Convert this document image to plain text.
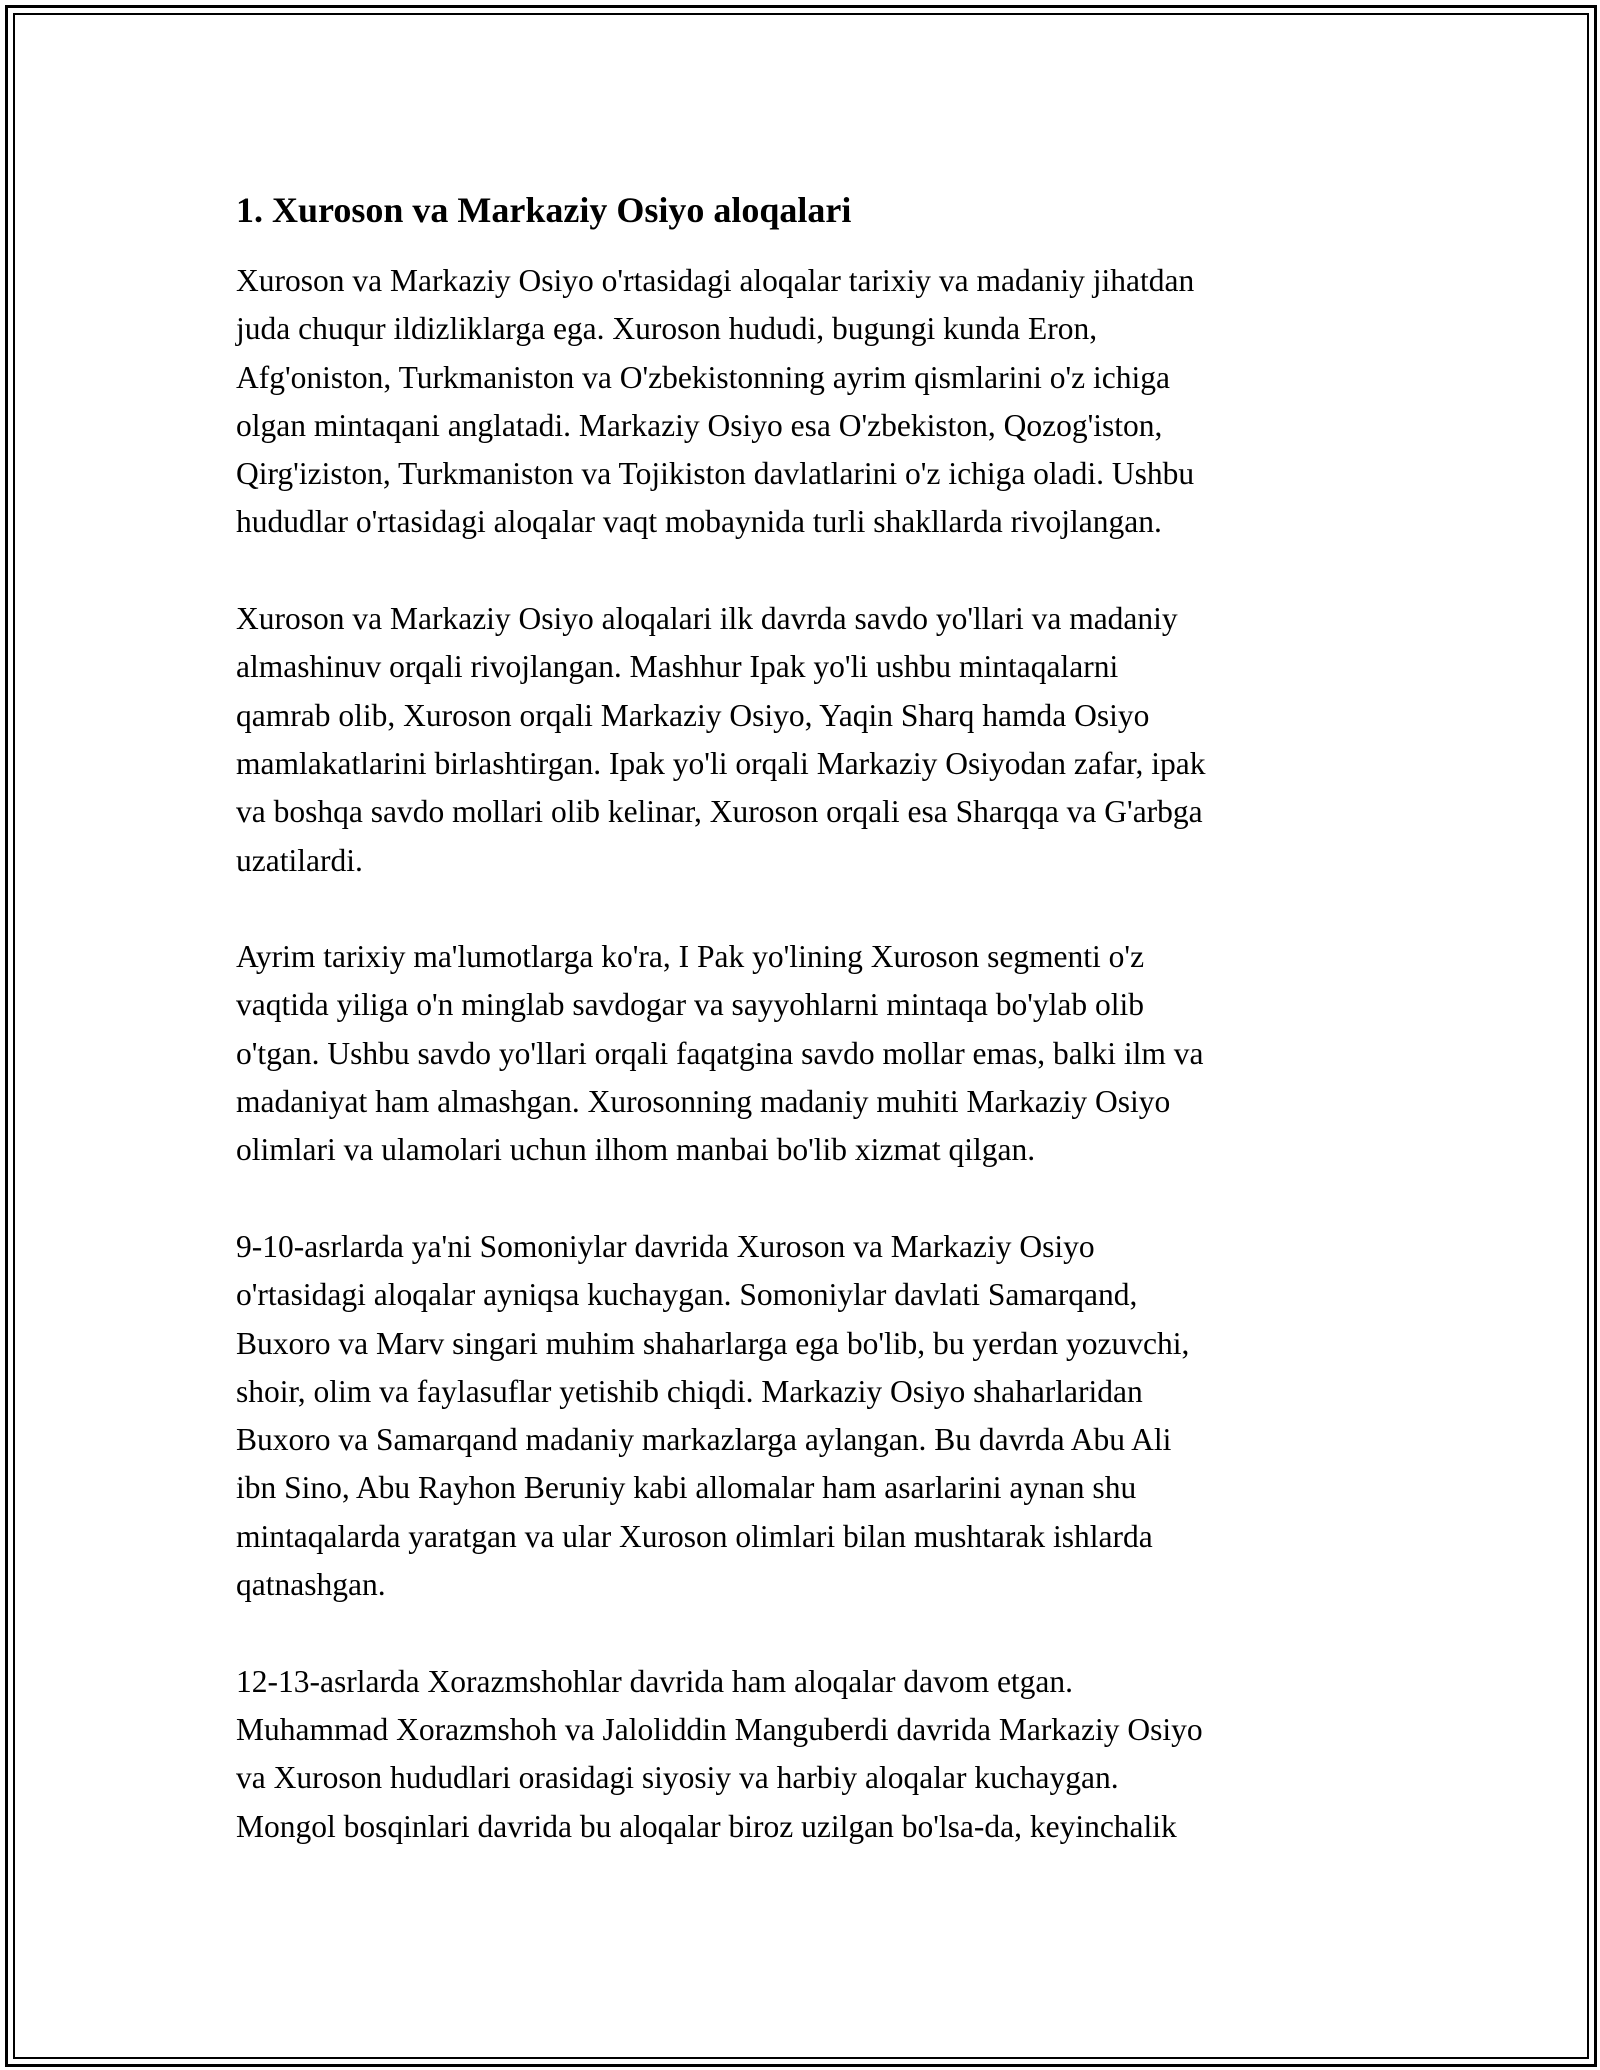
1. Xuroson va Markaziy Osiyo aloqalari
Xuroson va Markaziy Osiyo o'rtasidagi aloqalar tarixiy va madaniy jihatdan
juda chuqur ildizliklarga ega. Xuroson hududi, bugungi kunda Eron,
Afg'oniston, Turkmaniston va O'zbekistonning ayrim qismlarini o'z ichiga
olgan mintaqani anglatadi. Markaziy Osiyo esa O'zbekiston, Qozog'iston,
Qirg'iziston, Turkmaniston va Tojikiston davlatlarini o'z ichiga oladi. Ushbu
hududlar o'rtasidagi aloqalar vaqt mobaynida turli shakllarda rivojlangan.
Xuroson va Markaziy Osiyo aloqalari ilk davrda savdo yo'llari va madaniy
almashinuv orqali rivojlangan. Mashhur Ipak yo'li ushbu mintaqalarni
qamrab olib, Xuroson orqali Markaziy Osiyo, Yaqin Sharq hamda Osiyo
mamlakatlarini birlashtirgan. Ipak yo'li orqali Markaziy Osiyodan zafar, ipak
va boshqa savdo mollari olib kelinar, Xuroson orqali esa Sharqqa va G'arbga
uzatilardi.
Ayrim tarixiy ma'lumotlarga ko'ra, I Pak yo'lining Xuroson segmenti o'z
vaqtida yiliga o'n minglab savdogar va sayyohlarni mintaqa bo'ylab olib
o'tgan. Ushbu savdo yo'llari orqali faqatgina savdo mollar emas, balki ilm va
madaniyat ham almashgan. Xurosonning madaniy muhiti Markaziy Osiyo
olimlari va ulamolari uchun ilhom manbai bo'lib xizmat qilgan.
9-10-asrlarda ya'ni Somoniylar davrida Xuroson va Markaziy Osiyo
o'rtasidagi aloqalar ayniqsa kuchaygan. Somoniylar davlati Samarqand,
Buxoro va Marv singari muhim shaharlarga ega bo'lib, bu yerdan yozuvchi,
shoir, olim va faylasuflar yetishib chiqdi. Markaziy Osiyo shaharlaridan
Buxoro va Samarqand madaniy markazlarga aylangan. Bu davrda Abu Ali
ibn Sino, Abu Rayhon Beruniy kabi allomalar ham asarlarini aynan shu
mintaqalarda yaratgan va ular Xuroson olimlari bilan mushtarak ishlarda
qatnashgan.
12-13-asrlarda Xorazmshohlar davrida ham aloqalar davom etgan.
Muhammad Xorazmshoh va Jaloliddin Manguberdi davrida Markaziy Osiyo
va Xuroson hududlari orasidagi siyosiy va harbiy aloqalar kuchaygan.
Mongol bosqinlari davrida bu aloqalar biroz uzilgan bo'lsa-da, keyinchalik
